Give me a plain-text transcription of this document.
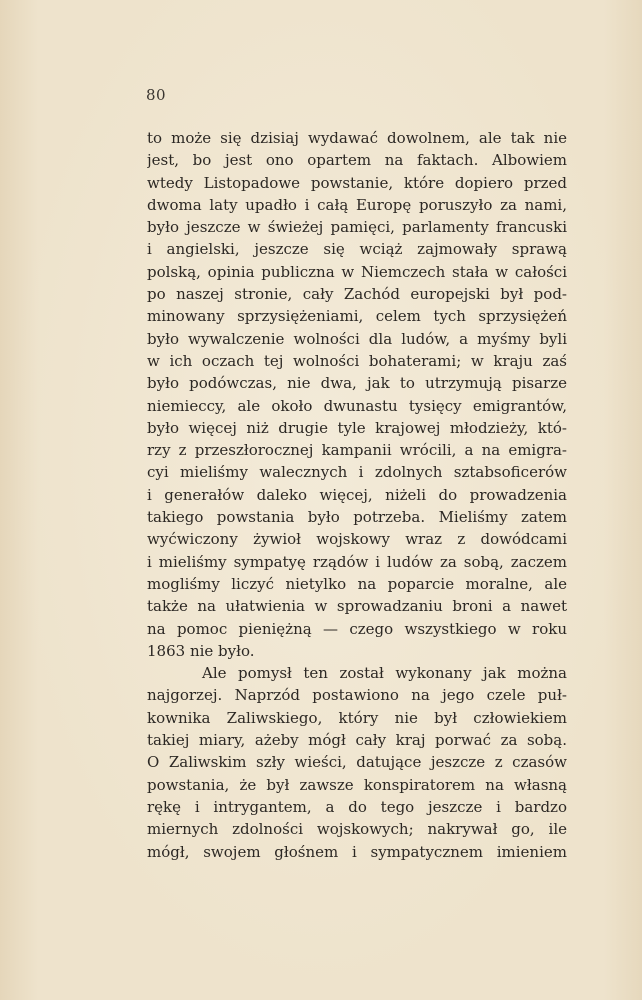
80
to może się dzisiaj wydawać dowolnem, ale tak nie
jest, bo jest ono opartem na faktach. Albowiem
wtedy Listopadowe powstanie, które dopiero przed
dwoma laty upadło i całą Europę poruszyło za nami,
było jeszcze w świeżej pamięci, parlamenty francuski
i angielski, jeszcze się wciąż zajmowały sprawą
polską, opinia publiczna w Niemczech stała w całości
po naszej stronie, cały Zachód europejski był pod-
minowany sprzysiężeniami, celem tych sprzysiężeń
było wywalczenie wolności dla ludów, a myśmy byli
w ich oczach tej wolności bohaterami; w kraju zaś
było podówczas, nie dwa, jak to utrzymują pisarze
niemieccy, ale około dwunastu tysięcy emigrantów,
było więcej niż drugie tyle krajowej młodzieży, któ-
rzy z przeszłorocznej kampanii wrócili, a na emigra-
cyi mieliśmy walecznych i zdolnych sztabsoficerów
i generałów daleko więcej, niżeli do prowadzenia
takiego powstania było potrzeba. Mieliśmy zatem
wyćwiczony żywioł wojskowy wraz z dowódcami
i mieliśmy sympatyę rządów i ludów za sobą, zaczem
mogliśmy liczyć nietylko na poparcie moralne, ale
także na ułatwienia w sprowadzaniu broni a nawet
na pomoc pieniężną — czego wszystkiego w roku
1863 nie było.
Ale pomysł ten został wykonany jak można
najgorzej. Naprzód postawiono na jego czele puł-
kownika Zaliwskiego, który nie był człowiekiem
takiej miary, ażeby mógł cały kraj porwać za sobą.
O Zaliwskim szły wieści, datujące jeszcze z czasów
powstania, że był zawsze konspiratorem na własną
rękę i intrygantem, a do tego jeszcze i bardzo
miernych zdolności wojskowych; nakrywał go, ile
mógł, swojem głośnem i sympatycznem imieniem
